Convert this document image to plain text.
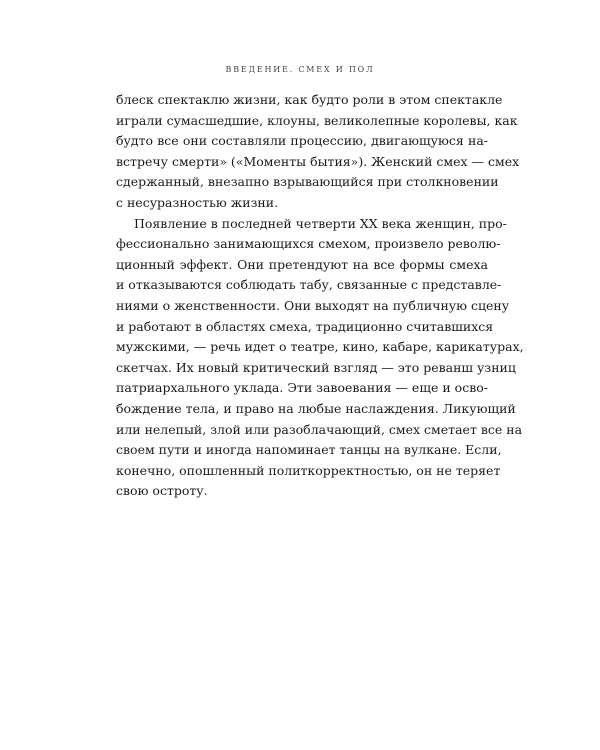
ВВЕДЕНИЕ. СМЕХ И ПОЛ
блеск спектаклю жизни, как будто роли в этом спектакле
играли сумасшедшие, клоуны, великолепные королевы, как
будто все они составляли процессию, двигающуюся на-
встречу смерти» («Моменты бытия»). Женский смех — смех
сдержанный, внезапно взрывающийся при столкновении
с несуразностью жизни.
Появление в последней четверти XX века женщин, про-
фессионально занимающихся смехом, произвело револю-
ционный эффект. Они претендуют на все формы смеха
и отказываются соблюдать табу, связанные с представле-
ниями о женственности. Они выходят на публичную сцену
и работают в областях смеха, традиционно считавшихся
мужскими, — речь идет о театре, кино, кабаре, карикатурах,
скетчах. Их новый критический взгляд — это реванш узниц
патриархального уклада. Эти завоевания — еще и осво-
бождение тела, и право на любые наслаждения. Ликующий
или нелепый, злой или разоблачающий, смех сметает все на
своем пути и иногда напоминает танцы на вулкане. Если,
конечно, опошленный политкорректностью, он не теряет
свою остроту.
